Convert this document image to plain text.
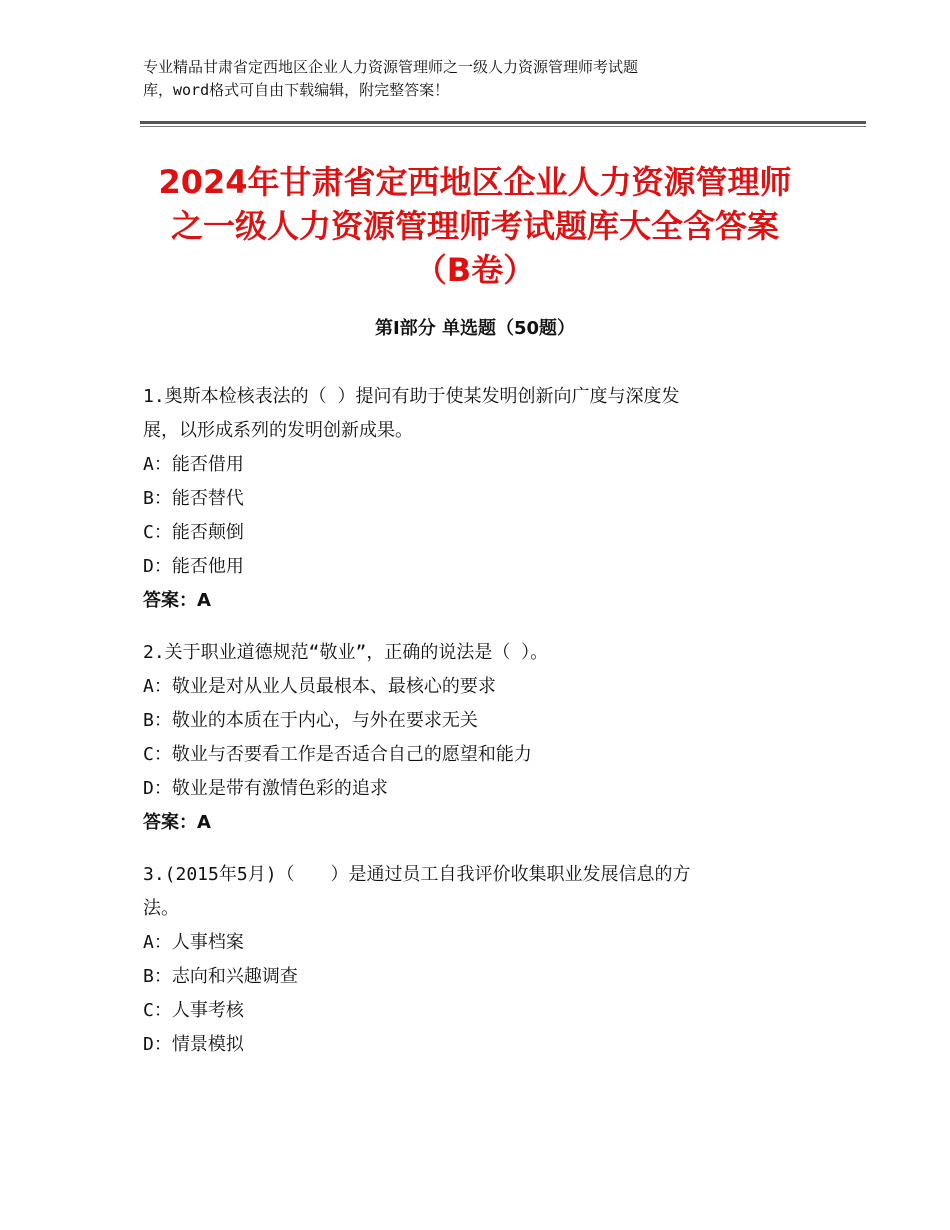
专业精品甘肃省定西地区企业人力资源管理师之一级人力资源管理师考试题
库，word格式可自由下载编辑，附完整答案！
2024年甘肃省定西地区企业人力资源管理师
之一级人力资源管理师考试题库大全含答案
（B卷）
第Ⅰ部分 单选题（50题）
1.奥斯本检核表法的（ ）提问有助于使某发明创新向广度与深度发
展，以形成系列的发明创新成果。
A：能否借用
B：能否替代
C：能否颠倒
D：能否他用
答案：A
2.关于职业道德规范“敬业”，正确的说法是（ ）。
A：敬业是对从业人员最根本、最核心的要求
B：敬业的本质在于内心，与外在要求无关
C：敬业与否要看工作是否适合自己的愿望和能力
D：敬业是带有激情色彩的追求
答案：A
3.(2015年5月)（　　）是通过员工自我评价收集职业发展信息的方
法。
A：人事档案
B：志向和兴趣调查
C：人事考核
D：情景模拟
